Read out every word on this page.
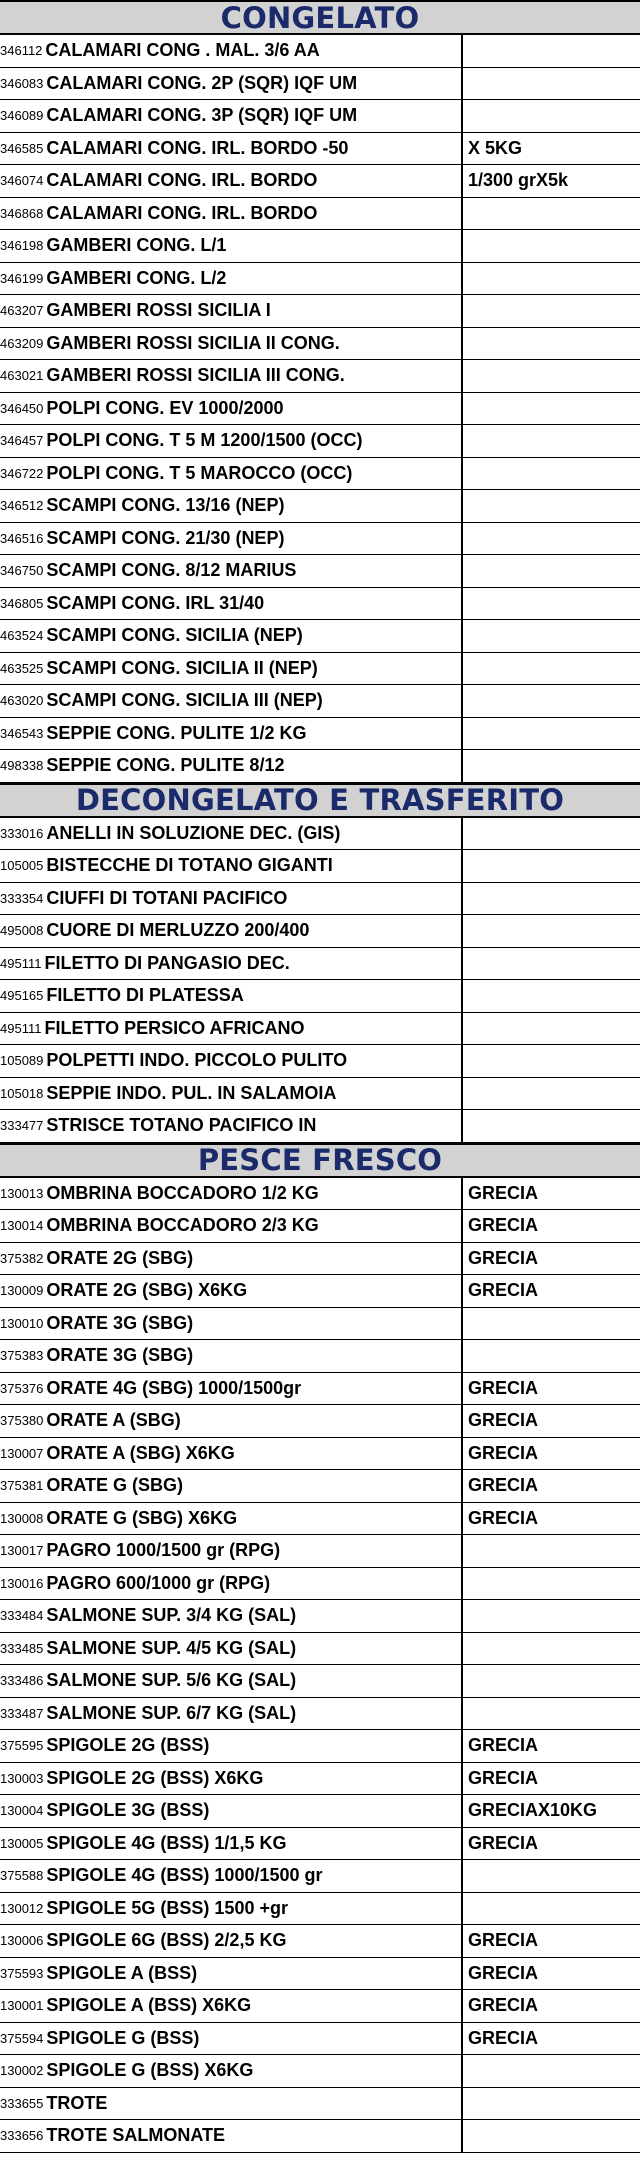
CONGELATO
346112 CALAMARI CONG . MAL. 3/6 AA
346083 CALAMARI CONG. 2P (SQR) IQF UM
346089 CALAMARI CONG. 3P (SQR) IQF UM
346585 CALAMARI CONG. IRL. BORDO -50	X 5KG
346074 CALAMARI CONG. IRL. BORDO	1/300 grX5k
346868 CALAMARI CONG. IRL. BORDO
346198 GAMBERI CONG. L/1
346199 GAMBERI CONG. L/2
463207 GAMBERI ROSSI SICILIA I
463209 GAMBERI ROSSI SICILIA II CONG.
463021 GAMBERI ROSSI SICILIA III CONG.
346450 POLPI CONG. EV 1000/2000
346457 POLPI CONG. T 5 M 1200/1500 (OCC)
346722 POLPI CONG. T 5 MAROCCO (OCC)
346512 SCAMPI CONG. 13/16 (NEP)
346516 SCAMPI CONG. 21/30 (NEP)
346750 SCAMPI CONG. 8/12 MARIUS
346805 SCAMPI CONG. IRL 31/40
463524 SCAMPI CONG. SICILIA (NEP)
463525 SCAMPI CONG. SICILIA II (NEP)
463020 SCAMPI CONG. SICILIA III (NEP)
346543 SEPPIE CONG. PULITE 1/2 KG
498338 SEPPIE CONG. PULITE 8/12
DECONGELATO E TRASFERITO
333016 ANELLI IN SOLUZIONE DEC. (GIS)
105005 BISTECCHE DI TOTANO GIGANTI
333354 CIUFFI DI TOTANI PACIFICO
495008 CUORE DI MERLUZZO 200/400
495111 FILETTO DI PANGASIO DEC.
495165 FILETTO DI PLATESSA
495111 FILETTO PERSICO AFRICANO
105089 POLPETTI INDO. PICCOLO PULITO
105018 SEPPIE INDO. PUL. IN SALAMOIA
333477 STRISCE TOTANO PACIFICO IN
PESCE FRESCO
130013 OMBRINA BOCCADORO 1/2 KG	GRECIA
130014 OMBRINA BOCCADORO 2/3 KG	GRECIA
375382 ORATE 2G (SBG)	GRECIA
130009 ORATE 2G (SBG) X6KG	GRECIA
130010 ORATE 3G (SBG)
375383 ORATE 3G (SBG)
375376 ORATE 4G (SBG) 1000/1500gr	GRECIA
375380 ORATE A (SBG)	GRECIA
130007 ORATE A (SBG) X6KG	GRECIA
375381 ORATE G (SBG)	GRECIA
130008 ORATE G (SBG) X6KG	GRECIA
130017 PAGRO 1000/1500 gr (RPG)
130016 PAGRO 600/1000 gr (RPG)
333484 SALMONE SUP. 3/4 KG (SAL)
333485 SALMONE SUP. 4/5 KG (SAL)
333486 SALMONE SUP. 5/6 KG (SAL)
333487 SALMONE SUP. 6/7 KG (SAL)
375595 SPIGOLE 2G (BSS)	GRECIA
130003 SPIGOLE 2G (BSS) X6KG	GRECIA
130004 SPIGOLE 3G (BSS)	GRECIAX10KG
130005 SPIGOLE 4G (BSS) 1/1,5 KG	GRECIA
375588 SPIGOLE 4G (BSS) 1000/1500 gr
130012 SPIGOLE 5G (BSS) 1500 +gr
130006 SPIGOLE 6G (BSS) 2/2,5 KG	GRECIA
375593 SPIGOLE A (BSS)	GRECIA
130001 SPIGOLE A (BSS) X6KG	GRECIA
375594 SPIGOLE G (BSS)	GRECIA
130002 SPIGOLE G (BSS) X6KG
333655 TROTE
333656 TROTE SALMONATE
